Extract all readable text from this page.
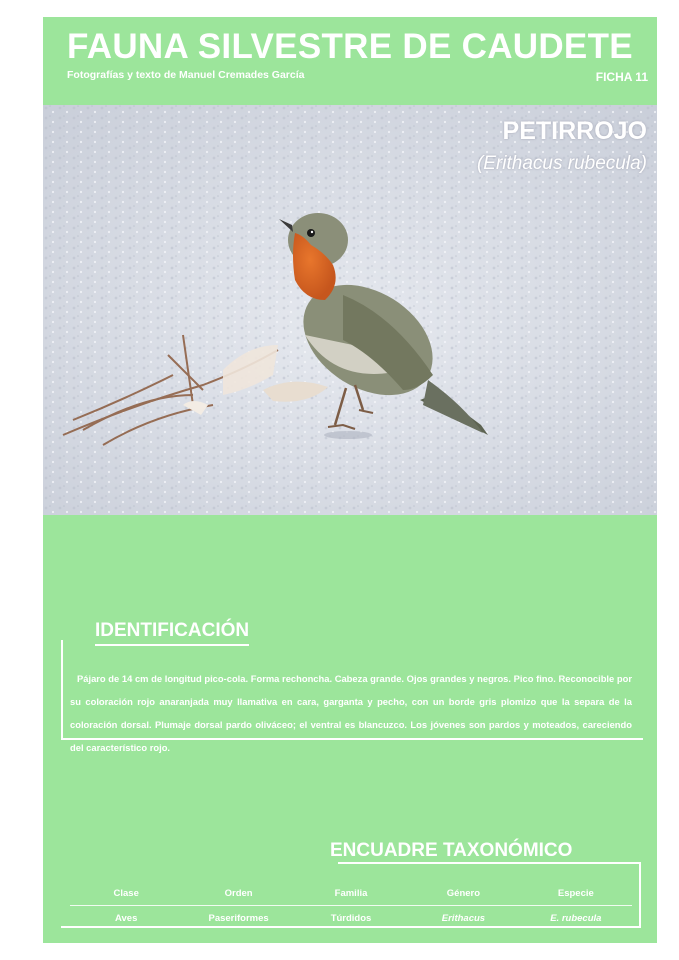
FAUNA SILVESTRE DE CAUDETE
Fotografías y texto de Manuel Cremades García	FICHA 11
PETIRROJO
(Erithacus rubecula)
IDENTIFICACIÓN
Pájaro de 14 cm de longitud pico-cola. Forma rechoncha. Cabeza grande. Ojos grandes y negros. Pico fino. Reconocible por su coloración rojo anaranjada muy llamativa en cara, garganta y pecho, con un borde gris plomizo que la separa de la coloración dorsal. Plumaje dorsal pardo oliváceo; el ventral es blancuzco. Los jóvenes son pardos y moteados, careciendo del característico rojo.
ENCUADRE TAXONÓMICO
Clase	Orden	Familia	Género	Especie
Aves	Paseriformes	Túrdidos	Erithacus	E. rubecula
